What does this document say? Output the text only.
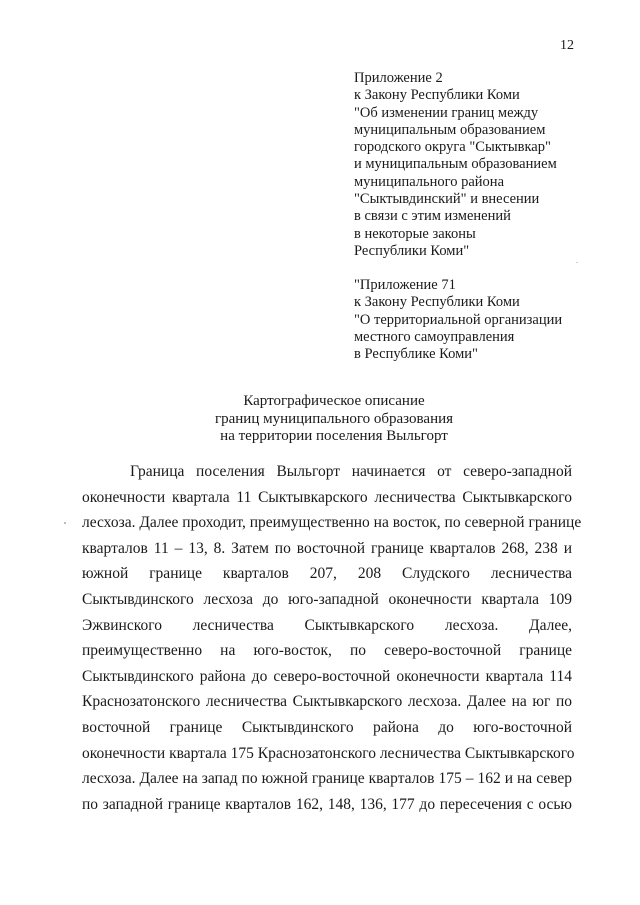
12
Приложение 2
к Закону Республики Коми
"Об изменении границ между
муниципальным образованием
городского округа "Сыктывкар"
и муниципальным образованием
муниципального района
"Сыктывдинский" и внесении
в связи с этим изменений
в некоторые законы
Республики Коми"
"Приложение 71
к Закону Республики Коми
"О территориальной организации
местного самоуправления
в Республике Коми"
Картографическое описание
границ муниципального образования
на территории поселения Выльгорт
Граница поселения Выльгорт начинается от северо-западной
оконечности квартала 11 Сыктывкарского лесничества Сыктывкарского
лесхоза. Далее проходит, преимущественно на восток, по северной границе
кварталов 11 – 13, 8. Затем по восточной границе кварталов 268, 238 и
южной границе кварталов 207, 208 Слудского лесничества
Сыктывдинского лесхоза до юго-западной оконечности квартала 109
Эжвинского лесничества Сыктывкарского лесхоза. Далее,
преимущественно на юго-восток, по северо-восточной границе
Сыктывдинского района до северо-восточной оконечности квартала 114
Краснозатонского лесничества Сыктывкарского лесхоза. Далее на юг по
восточной границе Сыктывдинского района до юго-восточной
оконечности квартала 175 Краснозатонского лесничества Сыктывкарского
лесхоза. Далее на запад по южной границе кварталов 175 – 162 и на север
по западной границе кварталов 162, 148, 136, 177 до пересечения с осью
